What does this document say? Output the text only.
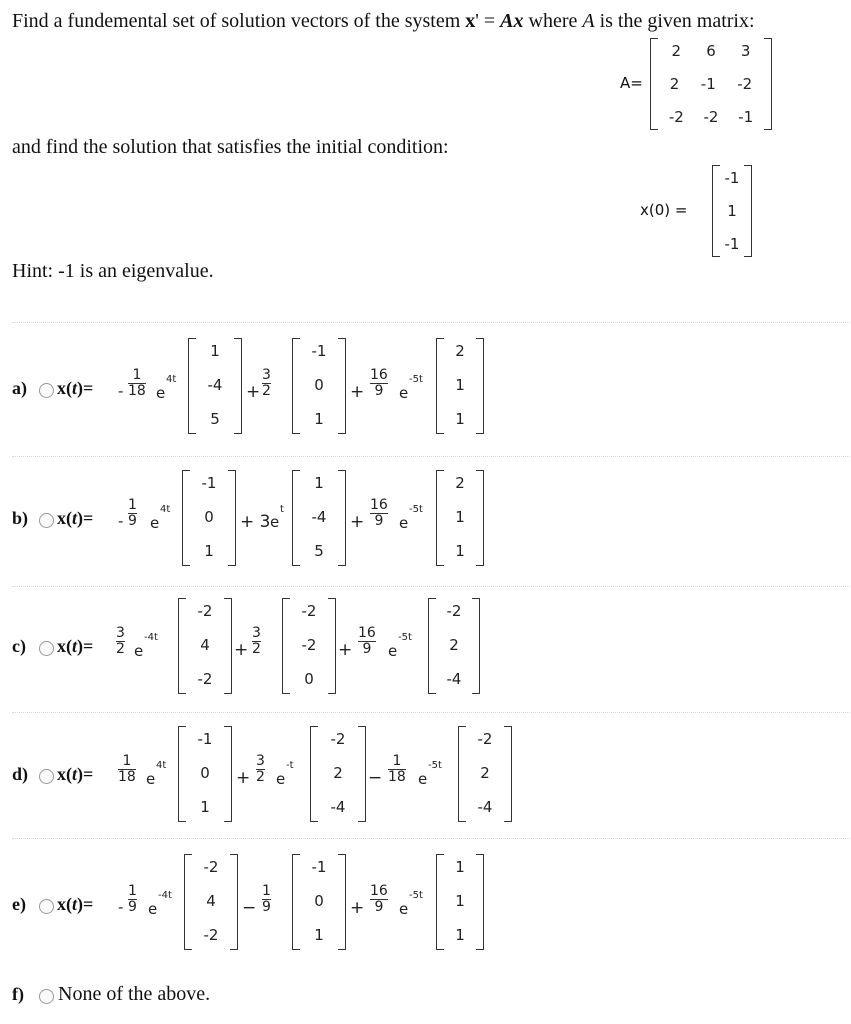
Find a fundemental set of solution vectors of the system x' = Ax where A is the given matrix:
A=
2 6 3
2 -1 -2
-2 -2 -1
and find the solution that satisfies the initial condition:
x(0) =
-1
1
-1
Hint: -1 is an eigenvalue.
a) x(t)= -
1
18 e
4t
1
-4
5
+
3
2
-1
0
1
+
16
9 e
-5t
2
1
1
b) x(t)= -
1
9 e
4t
-1
0
1
+ 3 e
t
1
-4
5
+
16
9 e
-5t
2
1
1
c) x(t)=
3
2 e
-4t
-2
4
-2
+
3
2
-2
-2
0
+
16
9 e
-5t
-2
2
-4
d) x(t)=
1
18 e
4t
-1
0
1
+
3
2 e
-t
-2
2
-4
−
1
18 e
-5t
-2
2
-4
e) x(t)= -
1
9 e
-4t
-2
4
-2
−
1
9
-1
0
1
+
16
9 e
-5t
1
1
1
f) None of the above.
